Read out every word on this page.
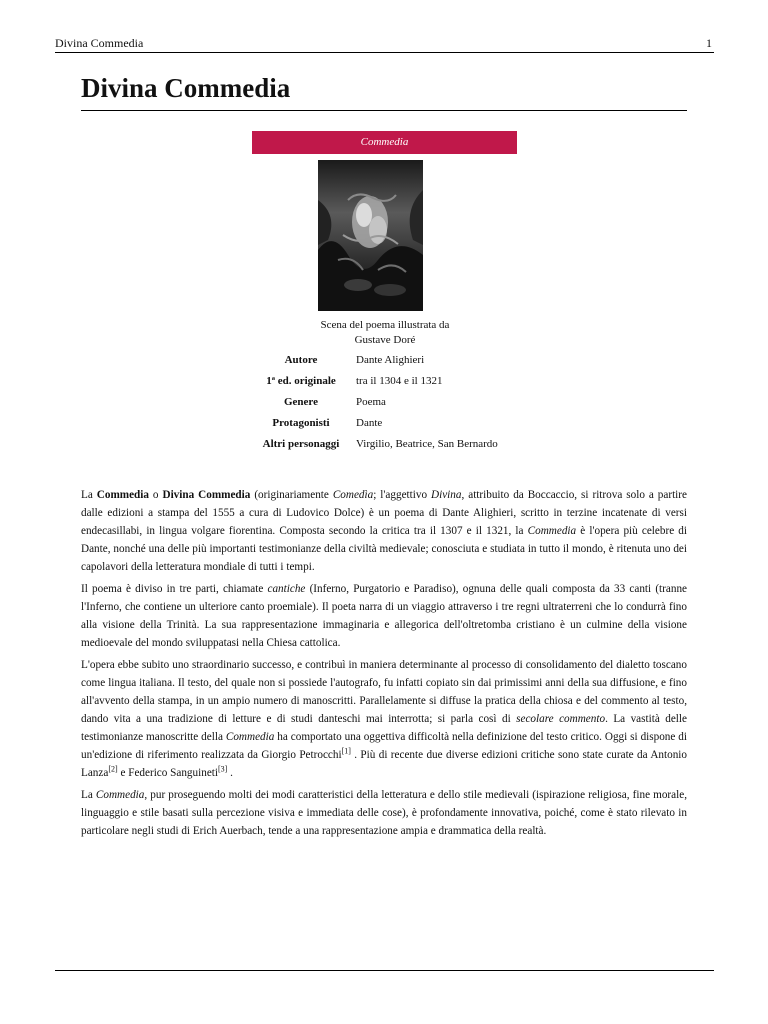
Divina Commedia	1
Divina Commedia
Commedia
Scena del poema illustrata da
Gustave Doré
Autore	Dante Alighieri
1ª ed. originale	tra il 1304 e il 1321
Genere	Poema
Protagonisti	Dante
Altri personaggi	Virgilio, Beatrice, San Bernardo

La Commedia o Divina Commedia (originariamente Comedìa; l'aggettivo Divina, attribuito da Boccaccio, si ritrova solo a partire dalle edizioni a stampa del 1555 a cura di Ludovico Dolce) è un poema di Dante Alighieri, scritto in terzine incatenate di versi endecasillabi, in lingua volgare fiorentina. Composta secondo la critica tra il 1307 e il 1321, la Commedia è l'opera più celebre di Dante, nonché una delle più importanti testimonianze della civiltà medievale; conosciuta e studiata in tutto il mondo, è ritenuta uno dei capolavori della letteratura mondiale di tutti i tempi.

Il poema è diviso in tre parti, chiamate cantiche (Inferno, Purgatorio e Paradiso), ognuna delle quali composta da 33 canti (tranne l'Inferno, che contiene un ulteriore canto proemiale). Il poeta narra di un viaggio attraverso i tre regni ultraterreni che lo condurrà fino alla visione della Trinità. La sua rappresentazione immaginaria e allegorica dell'oltretomba cristiano è un culmine della visione medioevale del mondo sviluppatasi nella Chiesa cattolica.

L'opera ebbe subito uno straordinario successo, e contribuì in maniera determinante al processo di consolidamento del dialetto toscano come lingua italiana. Il testo, del quale non si possiede l'autografo, fu infatti copiato sin dai primissimi anni della sua diffusione, e fino all'avvento della stampa, in un ampio numero di manoscritti. Parallelamente si diffuse la pratica della chiosa e del commento al testo, dando vita a una tradizione di letture e di studi danteschi mai interrotta; si parla così di secolare commento. La vastità delle testimonianze manoscritte della Commedia ha comportato una oggettiva difficoltà nella definizione del testo critico. Oggi si dispone di un'edizione di riferimento realizzata da Giorgio Petrocchi[1] . Più di recente due diverse edizioni critiche sono state curate da Antonio Lanza[2] e Federico Sanguineti[3] .

La Commedia, pur proseguendo molti dei modi caratteristici della letteratura e dello stile medievali (ispirazione religiosa, fine morale, linguaggio e stile basati sulla percezione visiva e immediata delle cose), è profondamente innovativa, poiché, come è stato rilevato in particolare negli studi di Erich Auerbach, tende a una rappresentazione ampia e drammatica della realtà.
